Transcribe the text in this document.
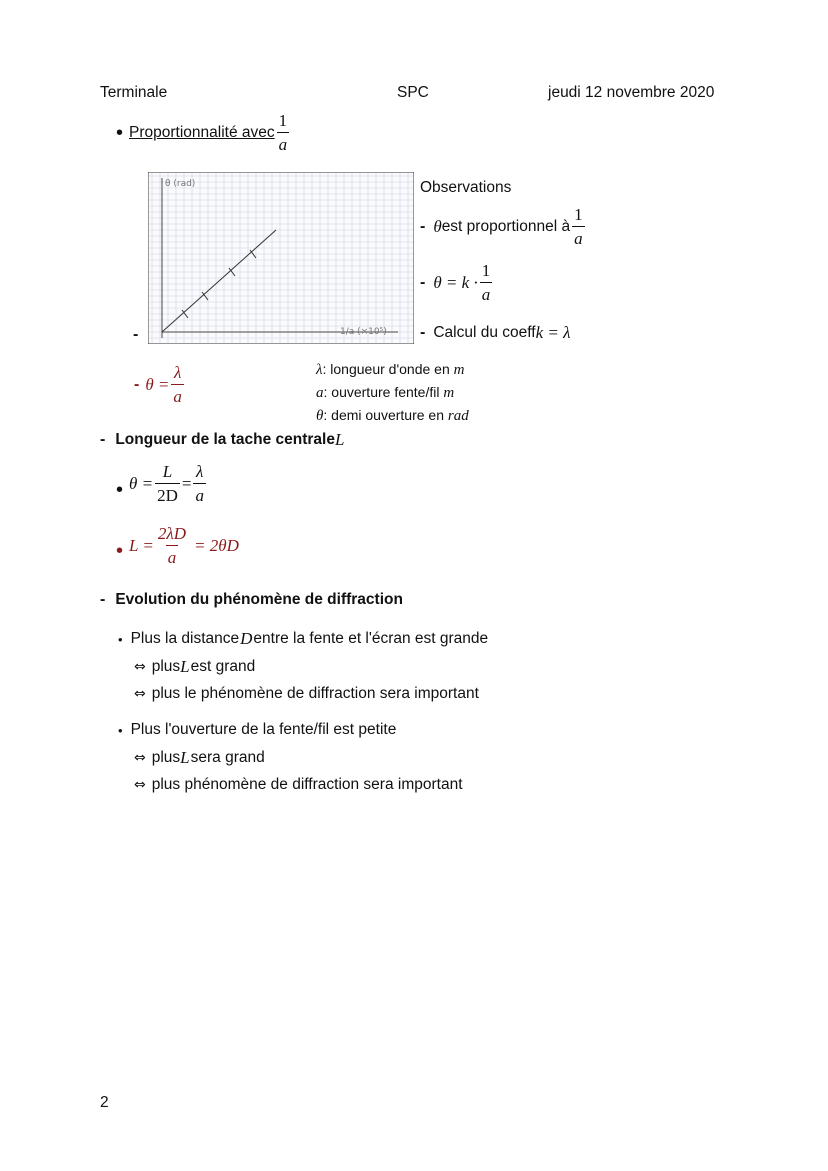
Terminale	SPC	jeudi 12 novembre 2020
• Proportionnalité avec $\frac{1}{a}$
θ (rad)
1/a (×10⁵)
-
Observations
- θ est proportionnel à $\frac{1}{a}$
- $\theta = k \cdot \frac{1}{a}$
- Calcul du coeff k = λ
- $\theta = \frac{\lambda}{a}$	λ: longueur d'onde en m
a: ouverture fente/fil m
θ: demi ouverture en rad
- Longueur de la tache centrale L
• $\theta = \frac{L}{2D} = \frac{\lambda}{a}$
• $L = \frac{2\lambda D}{a} = 2\theta D$
- Evolution du phénomène de diffraction
• Plus la distance D entre la fente et l'écran est grande
⇔ plus L est grand
⇔ plus le phénomène de diffraction sera important
• Plus l'ouverture de la fente/fil est petite
⇔ plus L sera grand
⇔ plus phénomène de diffraction sera important
2
